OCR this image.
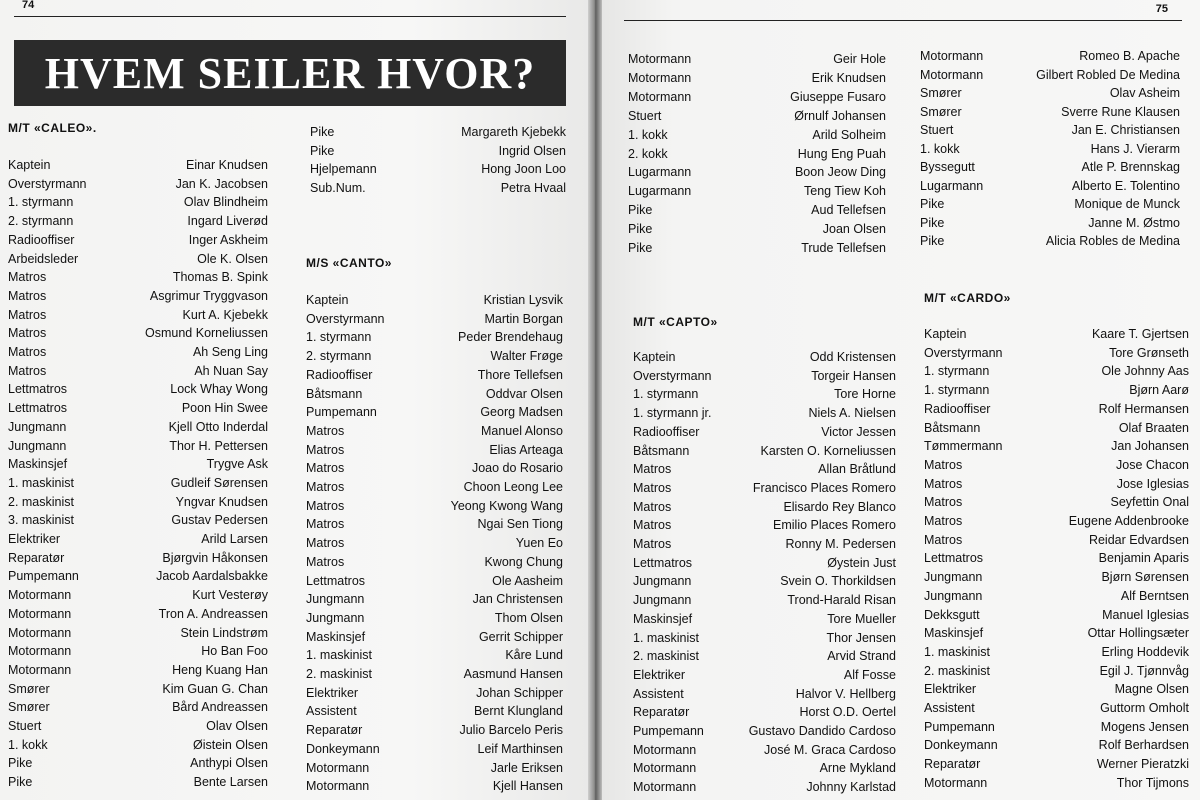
74
HVEM SEILER HVOR?
M/T «CALEO».
Kaptein	Einar Knudsen
Overstyrmann	Jan K. Jacobsen
1. styrmann	Olav Blindheim
2. styrmann	Ingard Liverød
Radiooffiser	Inger Askheim
Arbeidsleder	Ole K. Olsen
Matros	Thomas B. Spink
Matros	Asgrimur Tryggvason
Matros	Kurt A. Kjebekk
Matros	Osmund Korneliussen
Matros	Ah Seng Ling
Matros	Ah Nuan Say
Lettmatros	Lock Whay Wong
Lettmatros	Poon Hin Swee
Jungmann	Kjell Otto Inderdal
Jungmann	Thor H. Pettersen
Maskinsjef	Trygve Ask
1. maskinist	Gudleif Sørensen
2. maskinist	Yngvar Knudsen
3. maskinist	Gustav Pedersen
Elektriker	Arild Larsen
Reparatør	Bjørgvin Håkonsen
Pumpemann	Jacob Aardalsbakke
Motormann	Kurt Vesterøy
Motormann	Tron A. Andreassen
Motormann	Stein Lindstrøm
Motormann	Ho Ban Foo
Motormann	Heng Kuang Han
Smører	Kim Guan G. Chan
Smører	Bård Andreassen
Stuert	Olav Olsen
1. kokk	Øistein Olsen
Pike	Anthypi Olsen
Pike	Bente Larsen
Pike	Margareth Kjebekk
Pike	Ingrid Olsen
Hjelpemann	Hong Joon Loo
Sub.Num.	Petra Hvaal
M/S «CANTO»
Kaptein	Kristian Lysvik
Overstyrmann	Martin Borgan
1. styrmann	Peder Brendehaug
2. styrmann	Walter Frøge
Radiooffiser	Thore Tellefsen
Båtsmann	Oddvar Olsen
Pumpemann	Georg Madsen
Matros	Manuel Alonso
Matros	Elias Arteaga
Matros	Joao do Rosario
Matros	Choon Leong Lee
Matros	Yeong Kwong Wang
Matros	Ngai Sen Tiong
Matros	Yuen Eo
Matros	Kwong Chung
Lettmatros	Ole Aasheim
Jungmann	Jan Christensen
Jungmann	Thom Olsen
Maskinsjef	Gerrit Schipper
1. maskinist	Kåre Lund
2. maskinist	Aasmund Hansen
Elektriker	Johan Schipper
Assistent	Bernt Klungland
Reparatør	Julio Barcelo Peris
Donkeymann	Leif Marthinsen
Motormann	Jarle Eriksen
Motormann	Kjell Hansen
75
Motormann	Geir Hole
Motormann	Erik Knudsen
Motormann	Giuseppe Fusaro
Stuert	Ørnulf Johansen
1. kokk	Arild Solheim
2. kokk	Hung Eng Puah
Lugarmann	Boon Jeow Ding
Lugarmann	Teng Tiew Koh
Pike	Aud Tellefsen
Pike	Joan Olsen
Pike	Trude Tellefsen
M/T «CAPTO»
Kaptein	Odd Kristensen
Overstyrmann	Torgeir Hansen
1. styrmann	Tore Horne
1. styrmann jr.	Niels A. Nielsen
Radiooffiser	Victor Jessen
Båtsmann	Karsten O. Korneliussen
Matros	Allan Bråtlund
Matros	Francisco Places Romero
Matros	Elisardo Rey Blanco
Matros	Emilio Places Romero
Matros	Ronny M. Pedersen
Lettmatros	Øystein Just
Jungmann	Svein O. Thorkildsen
Jungmann	Trond-Harald Risan
Maskinsjef	Tore Mueller
1. maskinist	Thor Jensen
2. maskinist	Arvid Strand
Elektriker	Alf Fosse
Assistent	Halvor V. Hellberg
Reparatør	Horst O.D. Oertel
Pumpemann	Gustavo Dandido Cardoso
Motormann	José M. Graca Cardoso
Motormann	Arne Mykland
Motormann	Johnny Karlstad
Motormann	Romeo B. Apache
Motormann	Gilbert Robled De Medina
Smører	Olav Asheim
Smører	Sverre Rune Klausen
Stuert	Jan E. Christiansen
1. kokk	Hans J. Vierarm
Byssegutt	Atle P. Brennskag
Lugarmann	Alberto E. Tolentino
Pike	Monique de Munck
Pike	Janne M. Østmo
Pike	Alicia Robles de Medina
M/T «CARDO»
Kaptein	Kaare T. Gjertsen
Overstyrmann	Tore Grønseth
1. styrmann	Ole Johnny Aas
1. styrmann	Bjørn Aarø
Radiooffiser	Rolf Hermansen
Båtsmann	Olaf Braaten
Tømmermann	Jan Johansen
Matros	Jose Chacon
Matros	Jose Iglesias
Matros	Seyfettin Onal
Matros	Eugene Addenbrooke
Matros	Reidar Edvardsen
Lettmatros	Benjamin Aparis
Jungmann	Bjørn Sørensen
Jungmann	Alf Berntsen
Dekksgutt	Manuel Iglesias
Maskinsjef	Ottar Hollingsæter
1. maskinist	Erling Hoddevik
2. maskinist	Egil J. Tjønnvåg
Elektriker	Magne Olsen
Assistent	Guttorm Omholt
Pumpemann	Mogens Jensen
Donkeymann	Rolf Berhardsen
Reparatør	Werner Pieratzki
Motormann	Thor Tijmons
